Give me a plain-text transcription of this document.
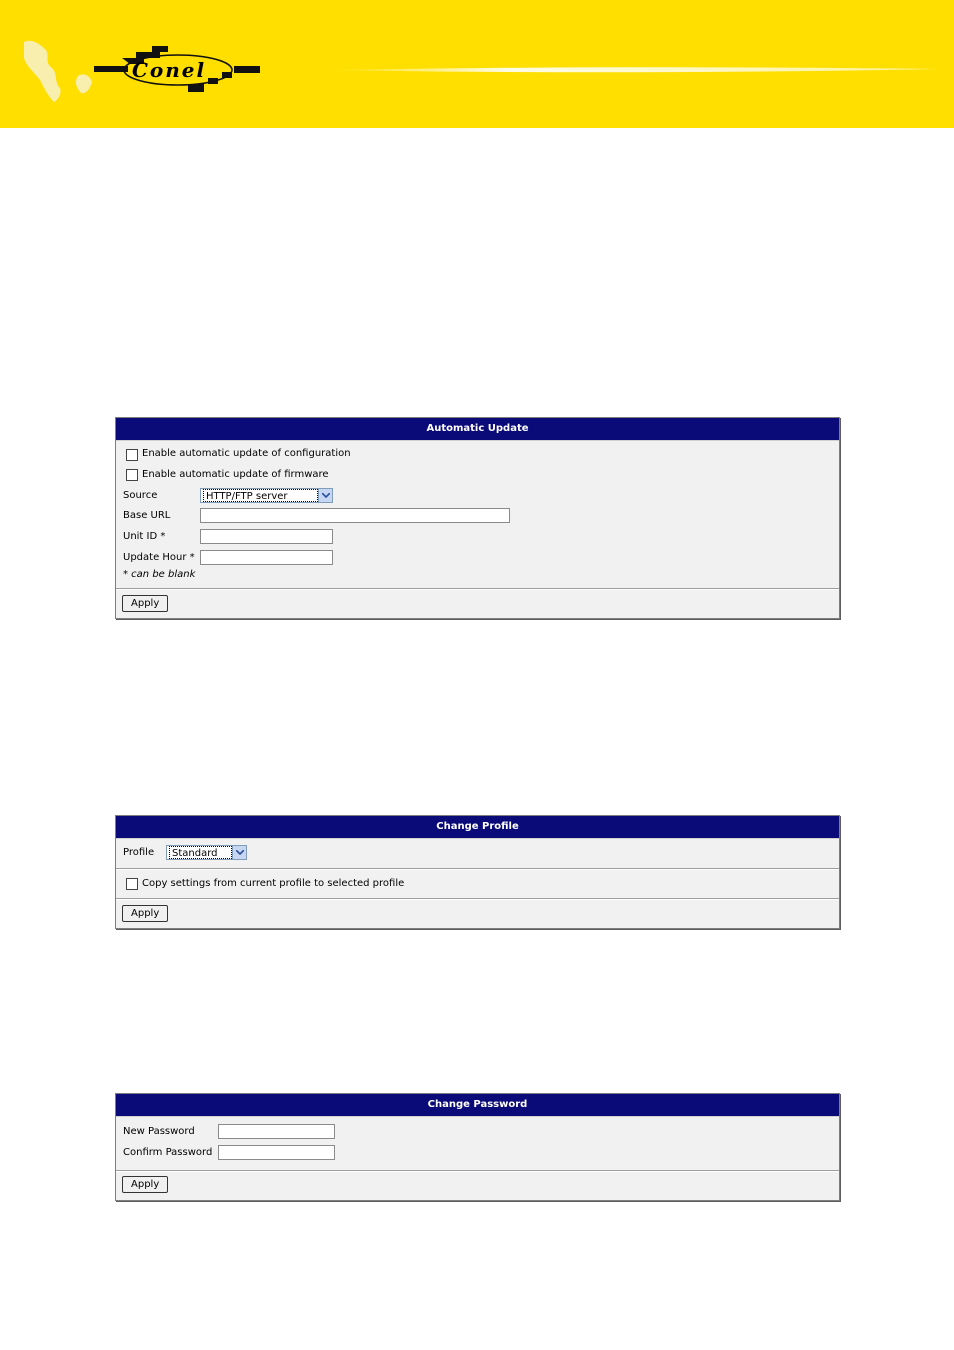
Conel
Automatic Update
Enable automatic update of configuration
Enable automatic update of firmware
Source	HTTP/FTP server
Base URL
Unit ID *
Update Hour *
* can be blank
Apply
Change Profile
Profile	Standard
Copy settings from current profile to selected profile
Apply
Change Password
New Password
Confirm Password
Apply
